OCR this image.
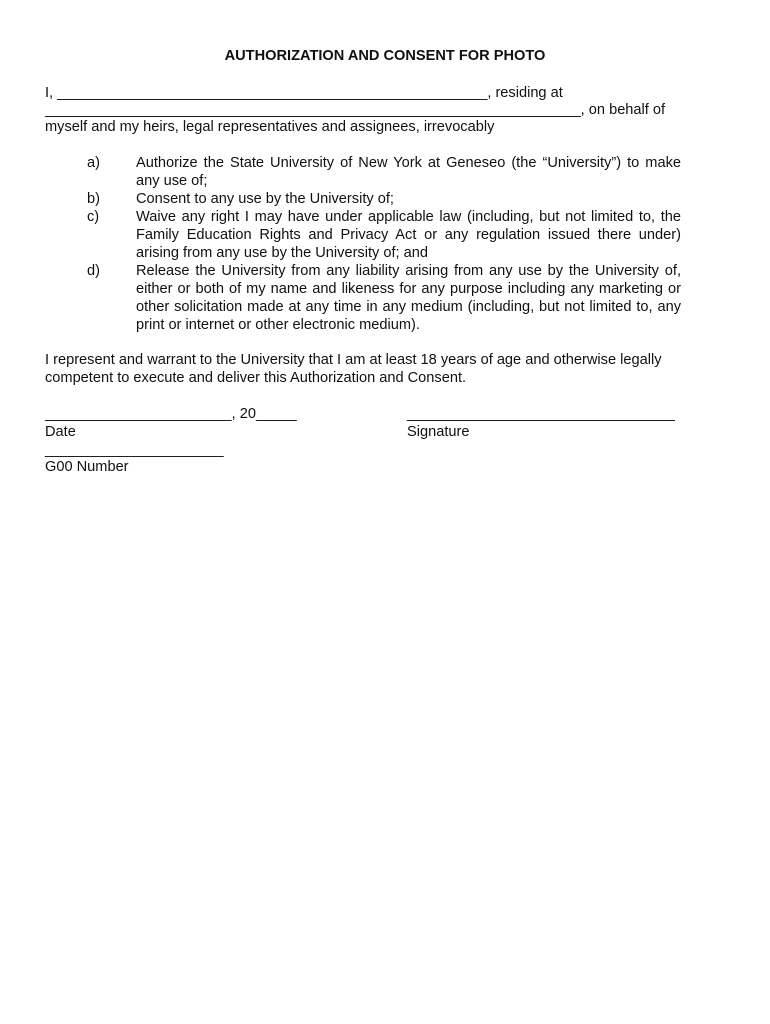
AUTHORIZATION AND CONSENT FOR PHOTO
I, _____________________________________________________, residing at
__________________________________________________________________, on behalf of
myself and my heirs, legal representatives and assignees, irrevocably
a) Authorize the State University of New York at Geneseo (the “University”) to make any use of;
b) Consent to any use by the University of;
c)	Waive any right I may have under applicable law (including, but not limited to, the Family Education Rights and Privacy Act or any regulation issued there under) arising from any use by the University of; and
d) Release the University from any liability arising from any use by the University of, either or both of my name and likeness for any purpose including any marketing or other solicitation made at any time in any medium (including, but not limited to, any print or internet or other electronic medium).
I represent and warrant to the University that I am at least 18 years of age and otherwise legally
competent to execute and deliver this Authorization and Consent.
_______________________, 20_____	_________________________________
Date	Signature
______________________
G00 Number
